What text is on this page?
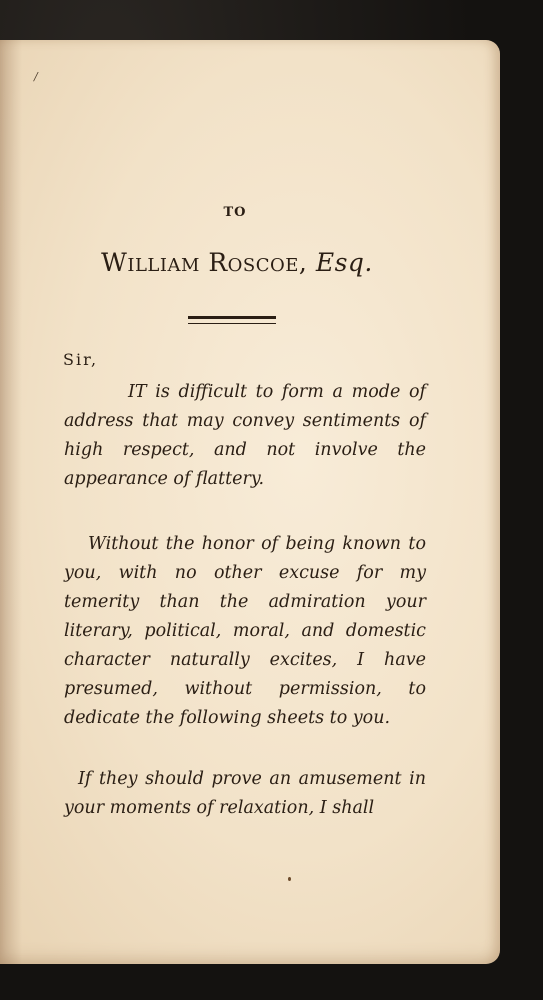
/
TO
William Roscoe, Esq.
Sir,
IT is difficult to form a mode of address that may convey sentiments of high respect, and not involve the appearance of flattery.
Without the honor of being known to you, with no other excuse for my temerity than the admiration your literary, political, moral, and domestic character naturally excites, I have presumed, without permission, to dedicate the following sheets to you.
If they should prove an amusement in your moments of relaxation, I shall
